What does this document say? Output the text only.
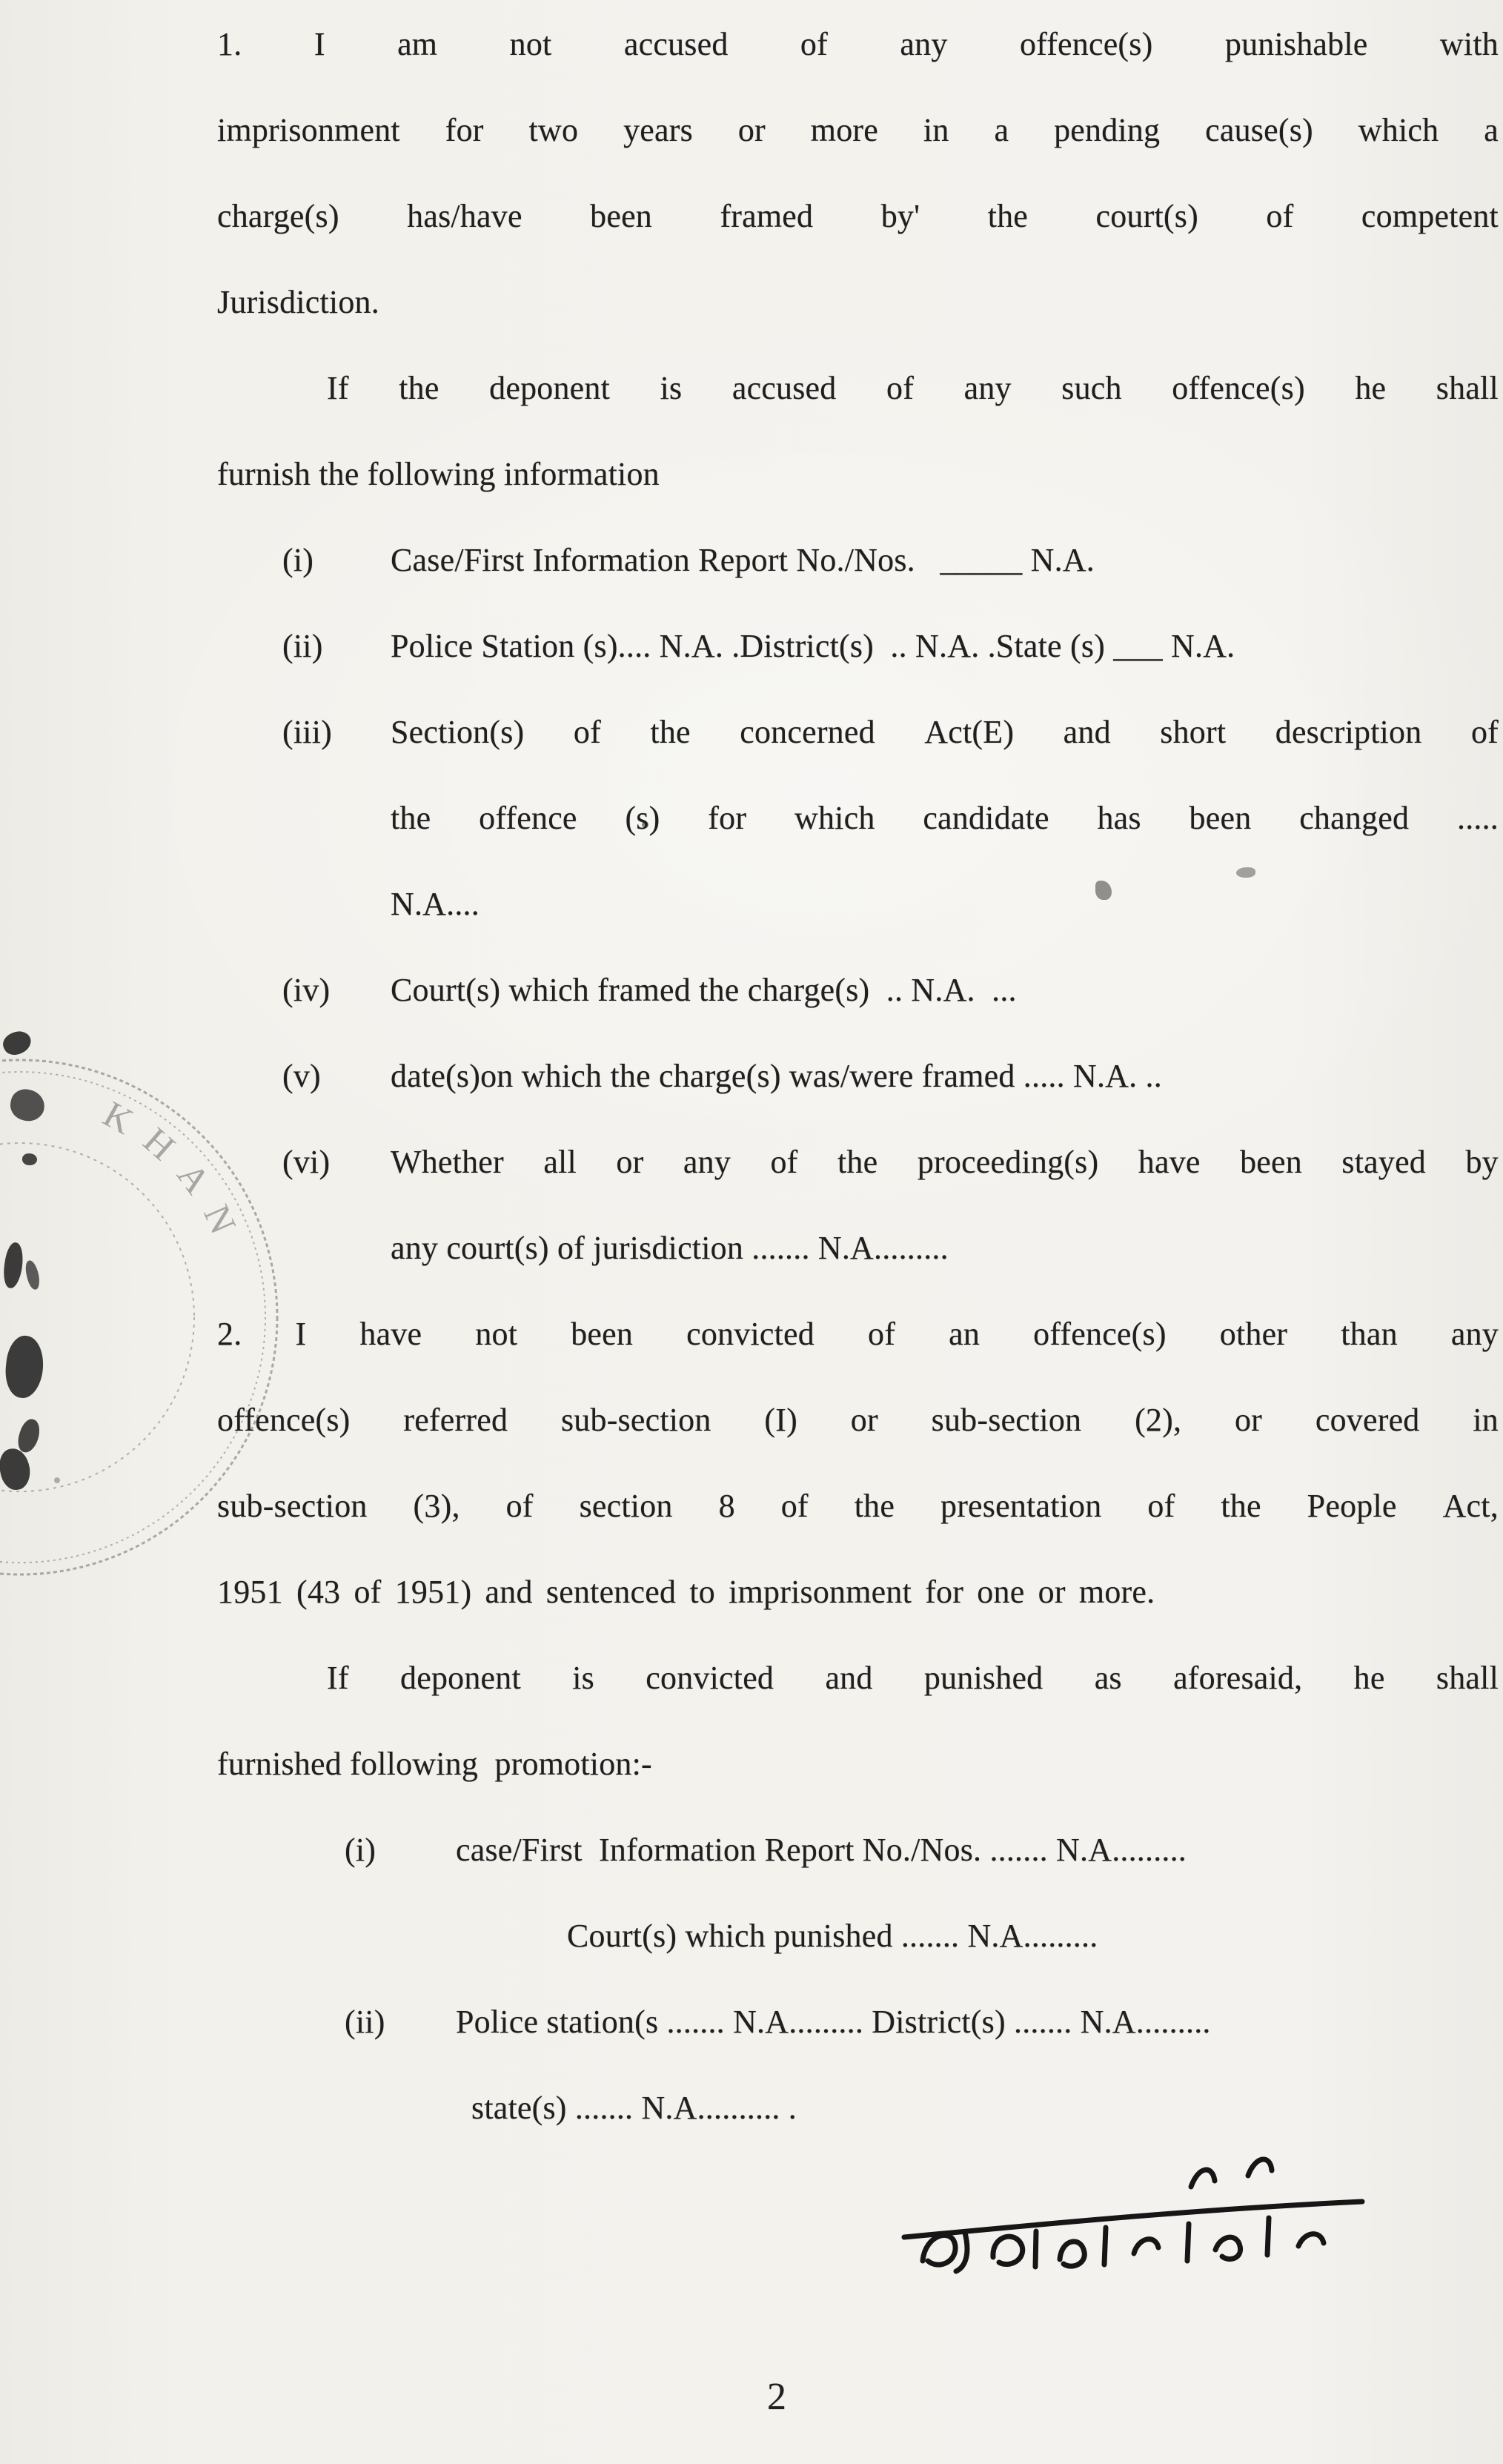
KHAN
1. I am not accused of any offence(s) punishable with
imprisonment for two years or more in a pending cause(s) which a
charge(s) has/have been framed by' the court(s) of competent
Jurisdiction.
If the deponent is accused of any such offence(s) he shall
furnish the following information
(i) Case/First Information Report No./Nos.   _____ N.A.
(ii) Police Station (s).... N.A. .District(s)  .. N.A. .State (s) ___ N.A.
(iii)	Section(s) of the concerned Act(E) and short description of
the offence (s) for which candidate has been changed .....
N.A....
(iv) Court(s) which framed the charge(s)  .. N.A.  ...
(v) date(s)on which the charge(s) was/were framed ..... N.A. ..
(vi)	Whether all or any of the proceeding(s) have been stayed by
any court(s) of jurisdiction ....... N.A.........
2. I have not been convicted of an offence(s) other than any
offence(s) referred sub-section (I) or sub-section (2), or covered in
sub-section (3), of section 8 of the presentation of the People Act,
1951 (43 of 1951) and sentenced to imprisonment for one or more.
If deponent is convicted and punished as aforesaid, he shall
furnished following  promotion:-
(i) case/First  Information Report No./Nos. ....... N.A.........
Court(s) which punished ....... N.A.........
(ii) Police station(s ....... N.A......... District(s) ....... N.A.........
state(s) ....... N.A.......... .
2
